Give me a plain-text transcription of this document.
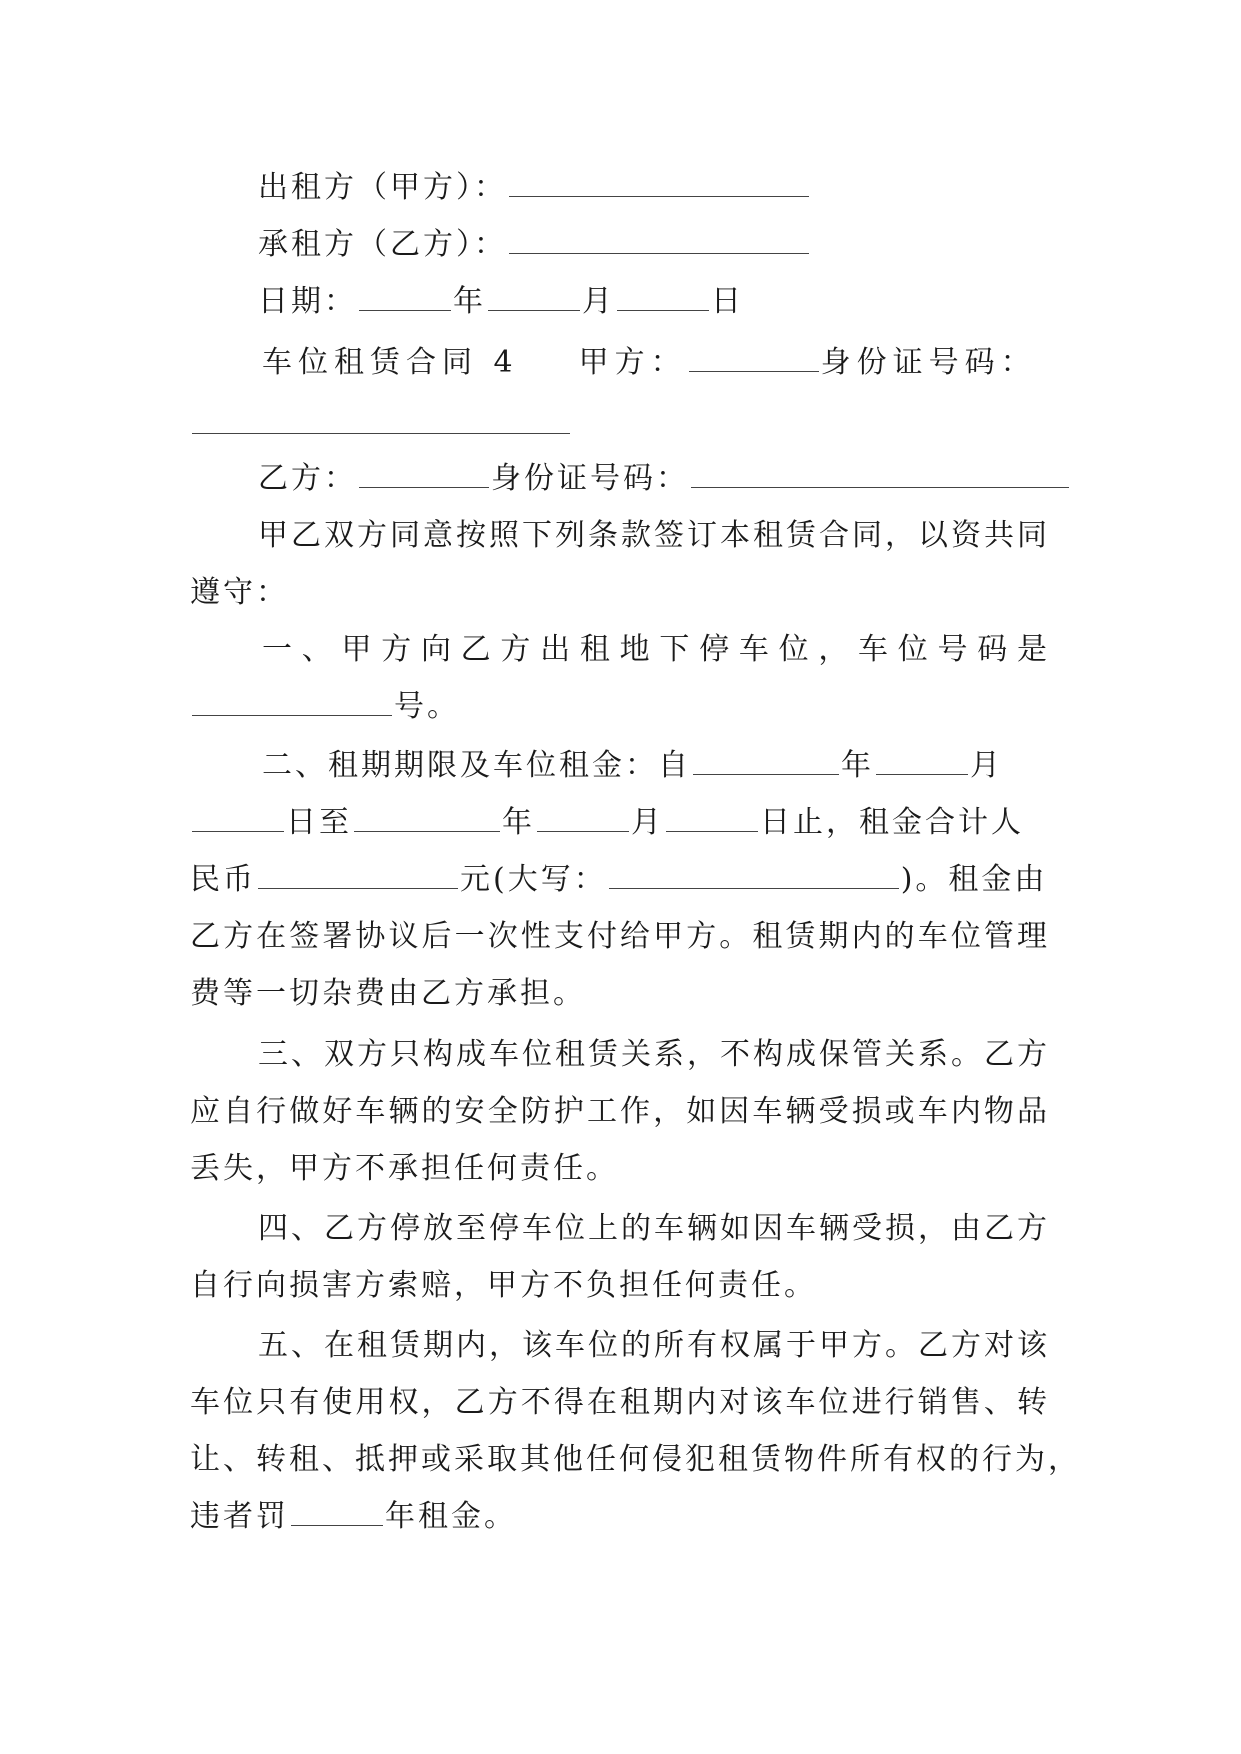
出租方（甲方）：
承租方（乙方）：
日期：	年	月	日
车位租赁合同 4 甲方：	身份证号码：
乙方：	身份证号码：
甲乙双方同意按照下列条款签订本租赁合同，以资共同
遵守：
一、甲方向乙方出租地下停车位，车位号码是
号。
二、租期期限及车位租金：自	年	月
日至	年	月	日止，租金合计人
民币	元(大写：	)。租金由
乙方在签署协议后一次性支付给甲方。租赁期内的车位管理
费等一切杂费由乙方承担。
三、双方只构成车位租赁关系，不构成保管关系。乙方
应自行做好车辆的安全防护工作，如因车辆受损或车内物品
丢失，甲方不承担任何责任。
四、乙方停放至停车位上的车辆如因车辆受损，由乙方
自行向损害方索赔，甲方不负担任何责任。
五、在租赁期内，该车位的所有权属于甲方。乙方对该
车位只有使用权，乙方不得在租期内对该车位进行销售、转
让、转租、抵押或采取其他任何侵犯租赁物件所有权的行为，
违者罚	年租金。
